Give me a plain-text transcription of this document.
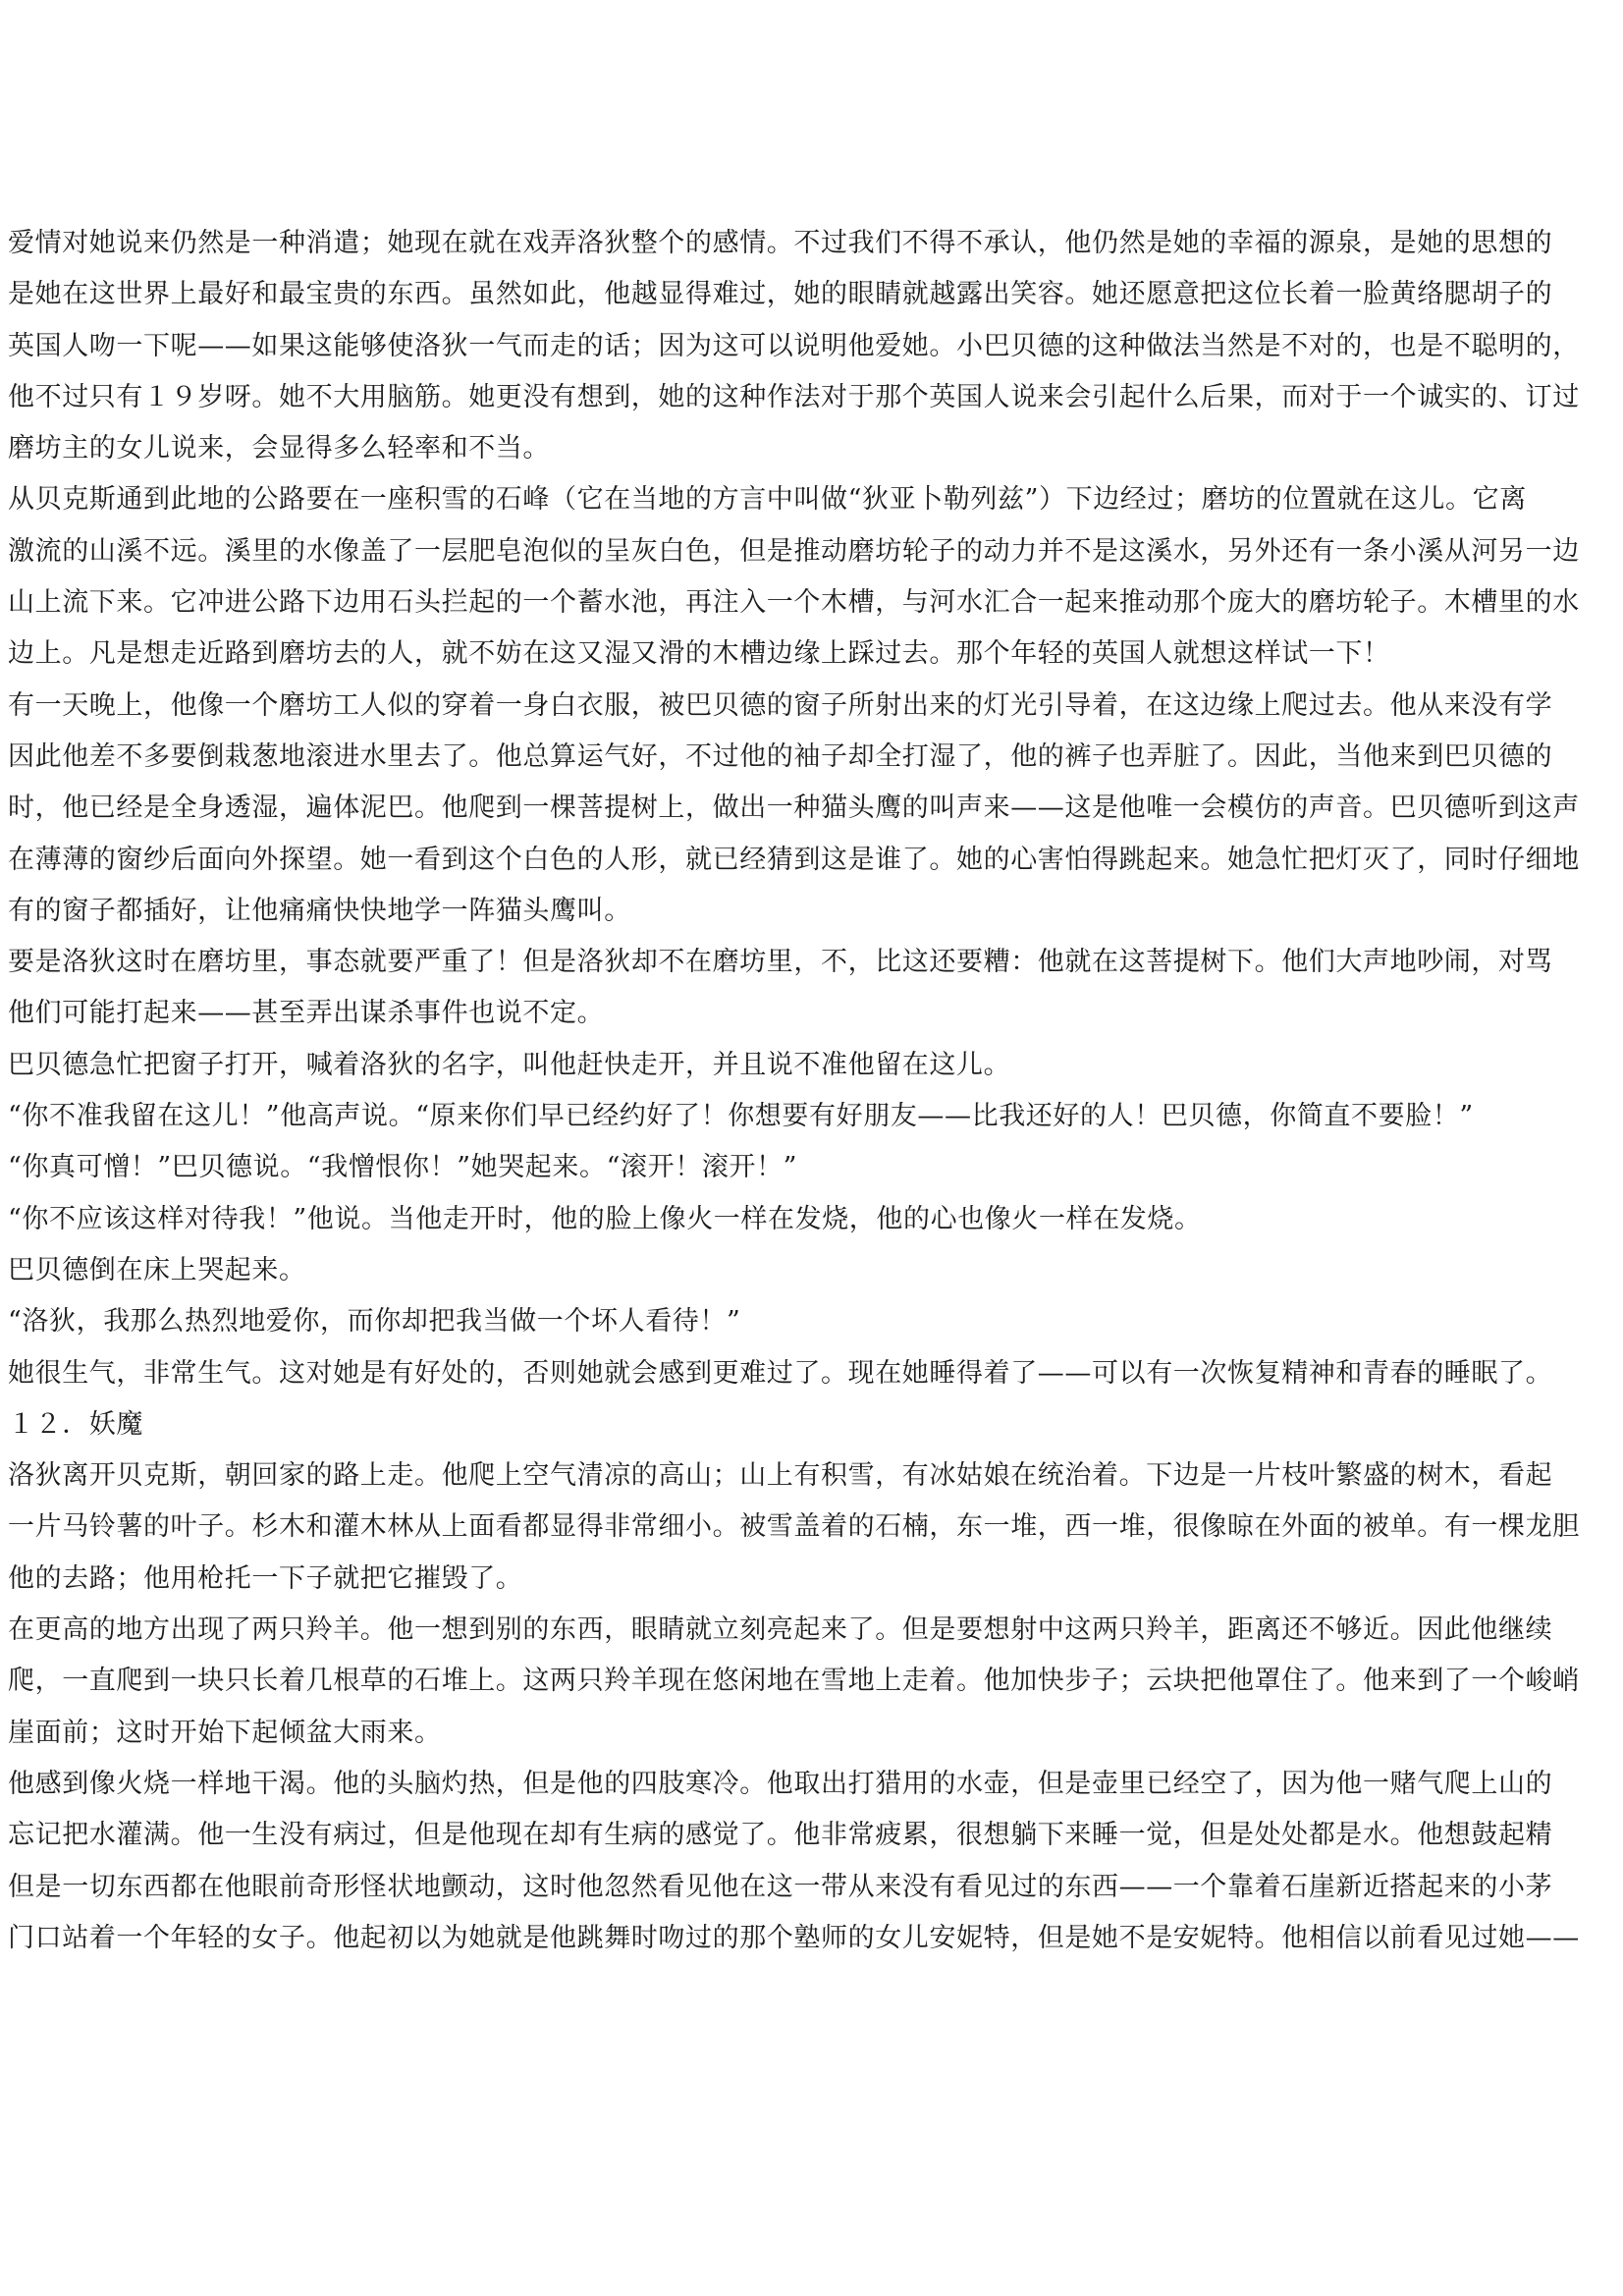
爱情对她说来仍然是一种消遣；她现在就在戏弄洛狄整个的感情。不过我们不得不承认，他仍然是她的幸福的源泉，是她的思想的
是她在这世界上最好和最宝贵的东西。虽然如此，他越显得难过，她的眼睛就越露出笑容。她还愿意把这位长着一脸黄络腮胡子的
英国人吻一下呢——如果这能够使洛狄一气而走的话；因为这可以说明他爱她。小巴贝德的这种做法当然是不对的，也是不聪明的，
他不过只有１９岁呀。她不大用脑筋。她更没有想到，她的这种作法对于那个英国人说来会引起什么后果，而对于一个诚实的、订过
磨坊主的女儿说来，会显得多么轻率和不当。
从贝克斯通到此地的公路要在一座积雪的石峰（它在当地的方言中叫做“狄亚卜勒列兹”）下边经过；磨坊的位置就在这儿。它离
激流的山溪不远。溪里的水像盖了一层肥皂泡似的呈灰白色，但是推动磨坊轮子的动力并不是这溪水，另外还有一条小溪从河另一边
山上流下来。它冲进公路下边用石头拦起的一个蓄水池，再注入一个木槽，与河水汇合一起来推动那个庞大的磨坊轮子。木槽里的水
边上。凡是想走近路到磨坊去的人，就不妨在这又湿又滑的木槽边缘上踩过去。那个年轻的英国人就想这样试一下！
有一天晚上，他像一个磨坊工人似的穿着一身白衣服，被巴贝德的窗子所射出来的灯光引导着，在这边缘上爬过去。他从来没有学
因此他差不多要倒栽葱地滚进水里去了。他总算运气好，不过他的袖子却全打湿了，他的裤子也弄脏了。因此，当他来到巴贝德的
时，他已经是全身透湿，遍体泥巴。他爬到一棵菩提树上，做出一种猫头鹰的叫声来——这是他唯一会模仿的声音。巴贝德听到这声
在薄薄的窗纱后面向外探望。她一看到这个白色的人形，就已经猜到这是谁了。她的心害怕得跳起来。她急忙把灯灭了，同时仔细地
有的窗子都插好，让他痛痛快快地学一阵猫头鹰叫。
要是洛狄这时在磨坊里，事态就要严重了！但是洛狄却不在磨坊里，不，比这还要糟：他就在这菩提树下。他们大声地吵闹，对骂
他们可能打起来——甚至弄出谋杀事件也说不定。
巴贝德急忙把窗子打开，喊着洛狄的名字，叫他赶快走开，并且说不准他留在这儿。
“你不准我留在这儿！”他高声说。“原来你们早已经约好了！你想要有好朋友——比我还好的人！巴贝德，你简直不要脸！”
“你真可憎！”巴贝德说。“我憎恨你！”她哭起来。“滚开！滚开！”
“你不应该这样对待我！”他说。当他走开时，他的脸上像火一样在发烧，他的心也像火一样在发烧。
巴贝德倒在床上哭起来。
“洛狄，我那么热烈地爱你，而你却把我当做一个坏人看待！”
她很生气，非常生气。这对她是有好处的，否则她就会感到更难过了。现在她睡得着了——可以有一次恢复精神和青春的睡眠了。
１２．妖魔
洛狄离开贝克斯，朝回家的路上走。他爬上空气清凉的高山；山上有积雪，有冰姑娘在统治着。下边是一片枝叶繁盛的树木，看起
一片马铃薯的叶子。杉木和灌木林从上面看都显得非常细小。被雪盖着的石楠，东一堆，西一堆，很像晾在外面的被单。有一棵龙胆
他的去路；他用枪托一下子就把它摧毁了。
在更高的地方出现了两只羚羊。他一想到别的东西，眼睛就立刻亮起来了。但是要想射中这两只羚羊，距离还不够近。因此他继续
爬，一直爬到一块只长着几根草的石堆上。这两只羚羊现在悠闲地在雪地上走着。他加快步子；云块把他罩住了。他来到了一个峻峭
崖面前；这时开始下起倾盆大雨来。
他感到像火烧一样地干渴。他的头脑灼热，但是他的四肢寒冷。他取出打猎用的水壶，但是壶里已经空了，因为他一赌气爬上山的
忘记把水灌满。他一生没有病过，但是他现在却有生病的感觉了。他非常疲累，很想躺下来睡一觉，但是处处都是水。他想鼓起精
但是一切东西都在他眼前奇形怪状地颤动，这时他忽然看见他在这一带从来没有看见过的东西——一个靠着石崖新近搭起来的小茅
门口站着一个年轻的女子。他起初以为她就是他跳舞时吻过的那个塾师的女儿安妮特，但是她不是安妮特。他相信以前看见过她——
